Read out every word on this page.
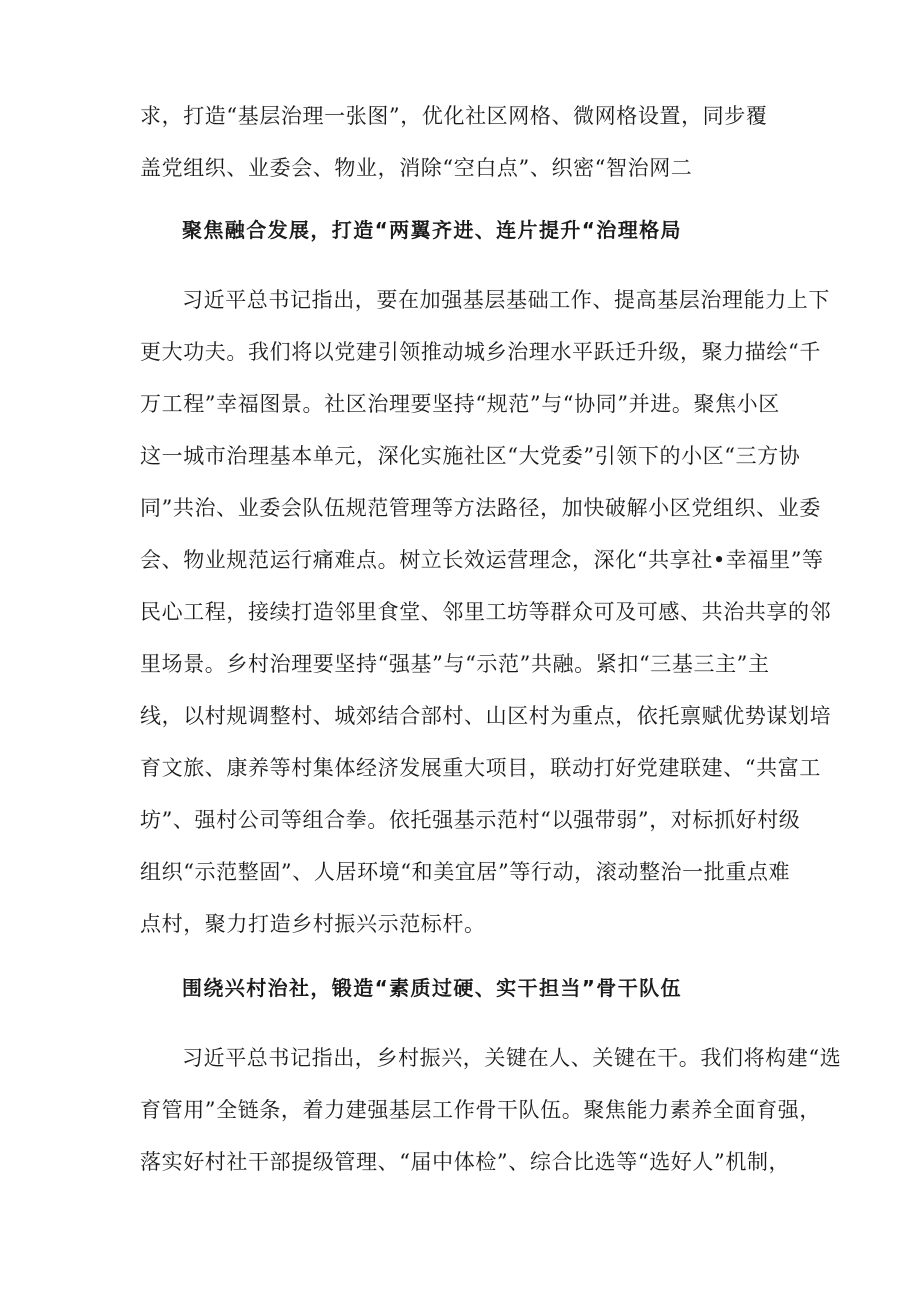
求，打造“基层治理一张图”，优化社区网格、微网格设置，同步覆

盖党组织、业委会、物业，消除“空白点”、织密“智治网二

聚焦融合发展，打造“两翼齐进、连片提升“治理格局

习近平总书记指出，要在加强基层基础工作、提高基层治理能力上下

更大功夫。我们将以党建引领推动城乡治理水平跃迁升级，聚力描绘“千

万工程”幸福图景。社区治理要坚持“规范”与“协同”并进。聚焦小区

这一城市治理基本单元，深化实施社区“大党委”引领下的小区“三方协

同”共治、业委会队伍规范管理等方法路径，加快破解小区党组织、业委

会、物业规范运行痛难点。树立长效运营理念，深化“共享社•幸福里”等

民心工程，接续打造邻里食堂、邻里工坊等群众可及可感、共治共享的邻

里场景。乡村治理要坚持“强基”与“示范”共融。紧扣“三基三主”主

线，以村规调整村、城郊结合部村、山区村为重点，依托禀赋优势谋划培

育文旅、康养等村集体经济发展重大项目，联动打好党建联建、“共富工

坊”、强村公司等组合拳。依托强基示范村“以强带弱”，对标抓好村级

组织“示范整固”、人居环境“和美宜居”等行动，滚动整治一批重点难

点村，聚力打造乡村振兴示范标杆。

围绕兴村治社，锻造“素质过硬、实干担当”骨干队伍

习近平总书记指出，乡村振兴，关键在人、关键在干。我们将构建“选

育管用”全链条，着力建强基层工作骨干队伍。聚焦能力素养全面育强，

落实好村社干部提级管理、“届中体检”、综合比选等“选好人”机制，
